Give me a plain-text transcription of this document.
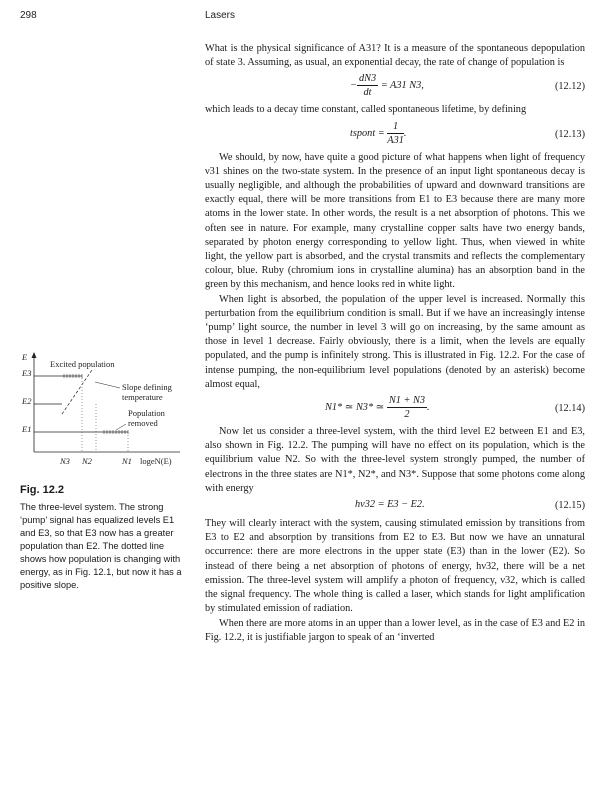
298	Lasers

What is the physical significance of A31? It is a measure of the spontaneous depopulation of state 3. Assuming, as usual, an exponential decay, the rate of change of population is

− $\frac{dN3}{dt} = A31$ N3,	(12.12)

which leads to a decay time constant, called spontaneous lifetime, by defining

tspont = $\frac{1}{A31}$ .	(12.13)

We should, by now, have quite a good picture of what happens when light of frequency ν31 shines on the two-state system. In the presence of an input light spontaneous decay is usually negligible, and although the probabilities of upward and downward transitions are exactly equal, there will be more transitions from E1 to E3 because there are many more atoms in the lower state. In other words, the result is a net absorption of photons. This we often see in nature. For example, many crystalline copper salts have two energy bands, separated by photon energy corresponding to yellow light. Thus, when viewed in white light, the yellow part is absorbed, and the crystal transmits and reflects the complementary colour, blue. Ruby (chromium ions in crystalline alumina) has an absorption band in the green by this mechanism, and hence looks red in white light.

When light is absorbed, the population of the upper level is increased. Normally this perturbation from the equilibrium condition is small. But if we have an increasingly intense ‘pump’ light source, the number in level 3 will go on increasing, by the same amount as those in level 1 decrease. Fairly obviously, there is a limit, when the levels are equally populated, and the pump is infinitely strong. This is illustrated in Fig. 12.2. For the case of intense pumping, the non-equilibrium level populations (denoted by an asterisk) become almost equal,

N1* ≃ N3* ≃ $\frac{N1 + N3}{2}$ .	(12.14)

Now let us consider a three-level system, with the third level E2 between E1 and E3, also shown in Fig. 12.2. The pumping will have no effect on its population, which is the equilibrium value N2. So with the three-level system strongly pumped, the number of electrons in the three states are N1*, N2*, and N3*. Suppose that some photons come along with energy

hν32 = E3 − E2.	(12.15)

They will clearly interact with the system, causing stimulated emission by transitions from E3 to E2 and absorption by transitions from E2 to E3. But now we have an unnatural occurrence: there are more electrons in the upper state (E3) than in the lower (E2). So instead of there being a net absorption of photons of energy, hν32, there will be a net emission. The three-level system will amplify a photon of frequency, ν32, which is called the signal frequency. The whole thing is called a laser, which stands for light amplification by stimulated emission of radiation.

When there are more atoms in an upper than a lower level, as in the case of E3 and E2 in Fig. 12.2, it is justifiable jargon to speak of an ‘inverted

E
E3
E2
E1
Excited population
Slope defining
temperature
Population
removed
N3 N2	N1 logeN(E)
Fig. 12.2
The three-level system. The strong ‘pump’ signal has equalized levels E1 and E3, so that E3 now has a greater population than E2. The dotted line shows how population is changing with energy, as in Fig. 12.1, but now it has a positive slope.
